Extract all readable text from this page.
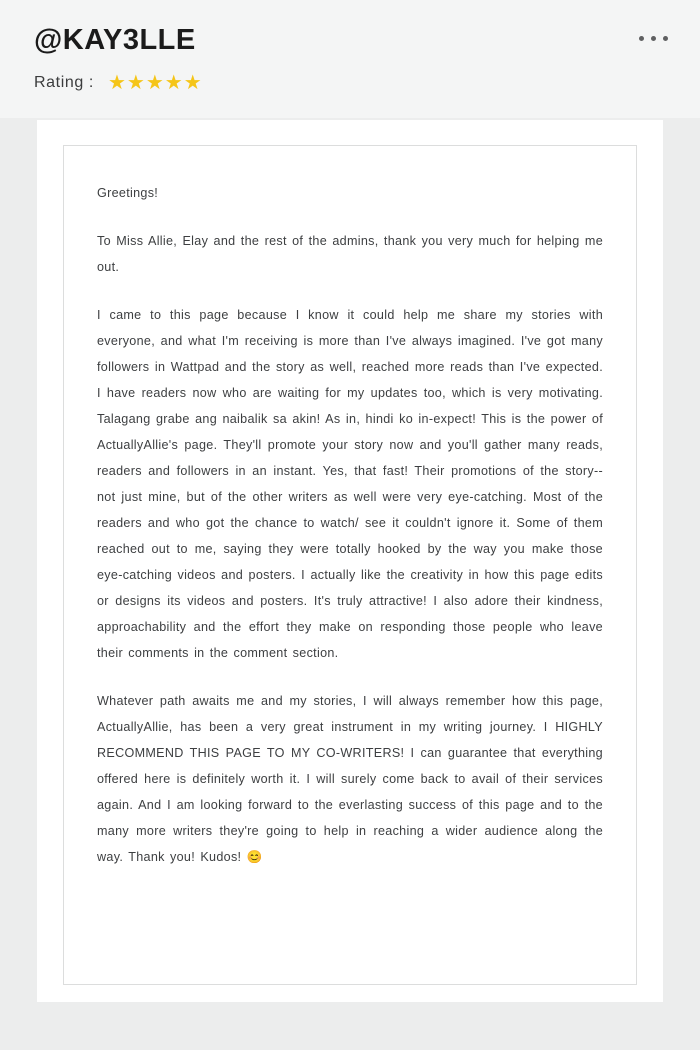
@KAY3LLE
Rating : ★ ★ ★ ★ ★

Greetings!

To Miss Allie, Elay and the rest of the admins, thank you very much for helping me out.

I came to this page because I know it could help me share my stories with everyone, and what I'm receiving is more than I've always imagined. I've got many followers in Wattpad and the story as well, reached more reads than I've expected. I have readers now who are waiting for my updates too, which is very motivating. Talagang grabe ang naibalik sa akin! As in, hindi ko in-expect! This is the power of ActuallyAllie's page. They'll promote your story now and you'll gather many reads, readers and followers in an instant. Yes, that fast! Their promotions of the story--not just mine, but of the other writers as well were very eye-catching. Most of the readers and who got the chance to watch/ see it couldn't ignore it. Some of them reached out to me, saying they were totally hooked by the way you make those eye-catching videos and posters. I actually like the creativity in how this page edits or designs its videos and posters. It's truly attractive! I also adore their kindness, approachability and the effort they make on responding those people who leave their comments in the comment section.

Whatever path awaits me and my stories, I will always remember how this page, ActuallyAllie, has been a very great instrument in my writing journey. I HIGHLY RECOMMEND THIS PAGE TO MY CO-WRITERS! I can guarantee that everything offered here is definitely worth it. I will surely come back to avail of their services again. And I am looking forward to the everlasting success of this page and to the many more writers they're going to help in reaching a wider audience along the way. Thank you! Kudos! 😊
